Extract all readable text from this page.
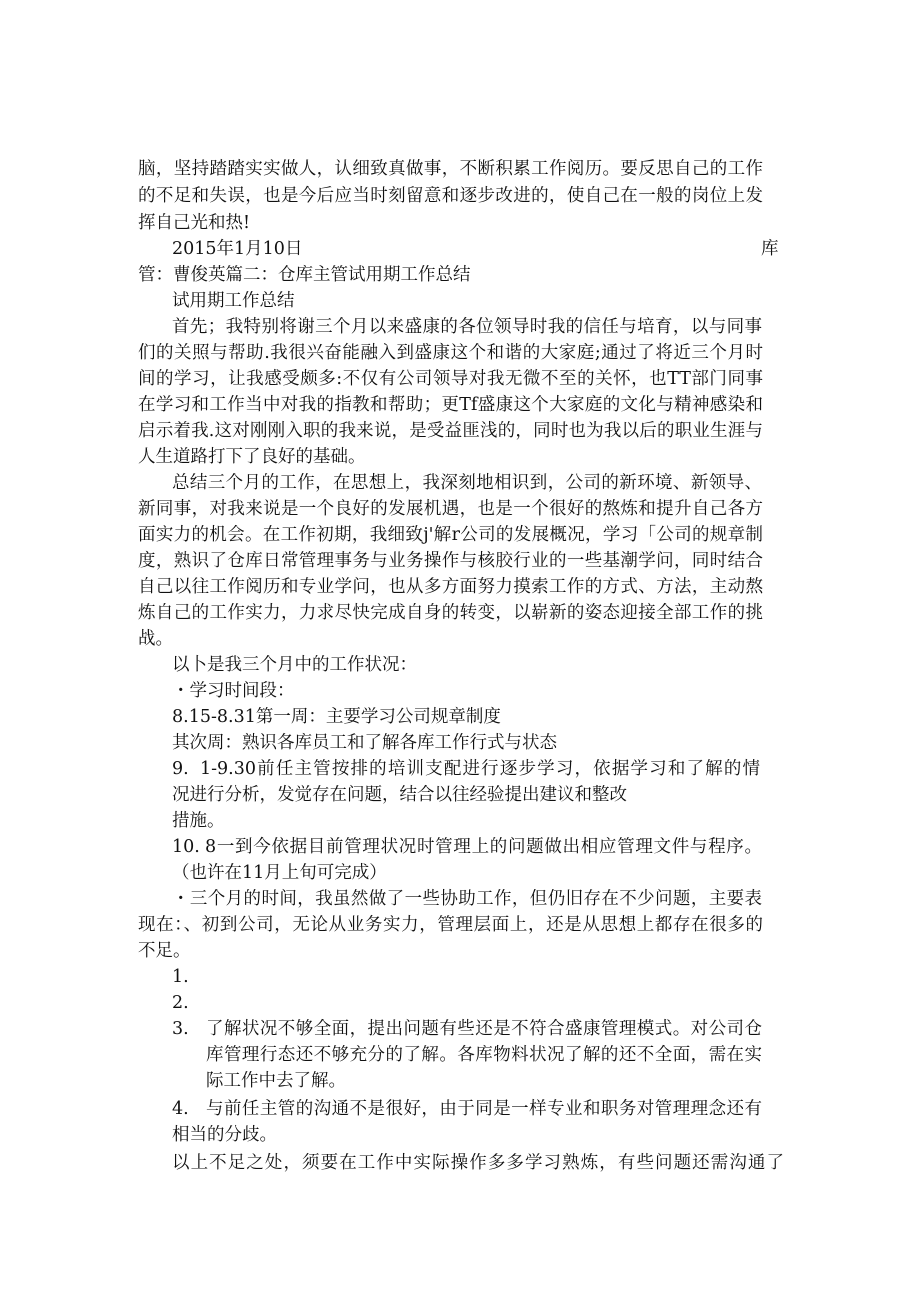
脑，坚持踏踏实实做人，认细致真做事，不断积累工作阅历。要反思自己的工作
的不足和失误，也是今后应当时刻留意和逐步改进的，使自己在一般的岗位上发
挥自己光和热!
2015年1月10日	库
管：曹俊英篇二：仓库主管试用期工作总结
试用期工作总结
首先；我特别将谢三个月以来盛康的各位领导时我的信任与培育，以与同事
们的关照与帮助.我很兴奋能融入到盛康这个和谐的大家庭;通过了将近三个月时
间的学习，让我感受颇多:不仅有公司领导对我无微不至的关怀，也TT部门同事
在学习和工作当中对我的指教和帮助；更Tf盛康这个大家庭的文化与精神感染和
启示着我.这对刚刚入职的我来说，是受益匪浅的，同时也为我以后的职业生涯与
人生道路打下了良好的基础。
总结三个月的工作，在思想上，我深刻地相识到，公司的新环境、新领导、
新同事，对我来说是一个良好的发展机遇，也是一个很好的熬炼和提升自己各方
面实力的机会。在工作初期，我细致j'解r公司的发展概况，学习「公司的规章制
度，熟识了仓库日常管理事务与业务操作与核胶行业的一些基潮学问，同时结合
自己以往工作阅历和专业学问，也从多方面努力摸索工作的方式、方法，主动熬
炼自己的工作实力，力求尽快完成自身的转变，以崭新的姿态迎接全部工作的挑
战。
以卜是我三个月中的工作状况：
・学习时间段：
8.15-8.31第一周：主要学习公司规章制度
其次周：熟识各库员工和了解各库工作行式与状态
9. 1-9.30前任主管按排的培训支配进行逐步学习，依据学习和了解的情
况进行分析，发觉存在问题，结合以往经验提出建议和整改
措施。
10. 8一到今依据目前管理状况时管理上的问题做出相应管理文件与程序。
（也许在11月上旬可完成）
・三个月的时间，我虽然做了一些协助工作，但仍旧存在不少问题，主要表
现在：、初到公司，无论从业务实力，管理层面上，还是从思想上都存在很多的
不足。
1.
2.
3. 了解状况不够全面，提出问题有些还是不符合盛康管理模式。对公司仓
库管理行态还不够充分的了解。各库物料状况了解的还不全面，需在实
际工作中去了解。
4. 与前任主管的沟通不是很好，由于同是一样专业和职务对管理理念还有
相当的分歧。
以上不足之处，须要在工作中实际操作多多学习熟炼，有些问题还需沟通了
